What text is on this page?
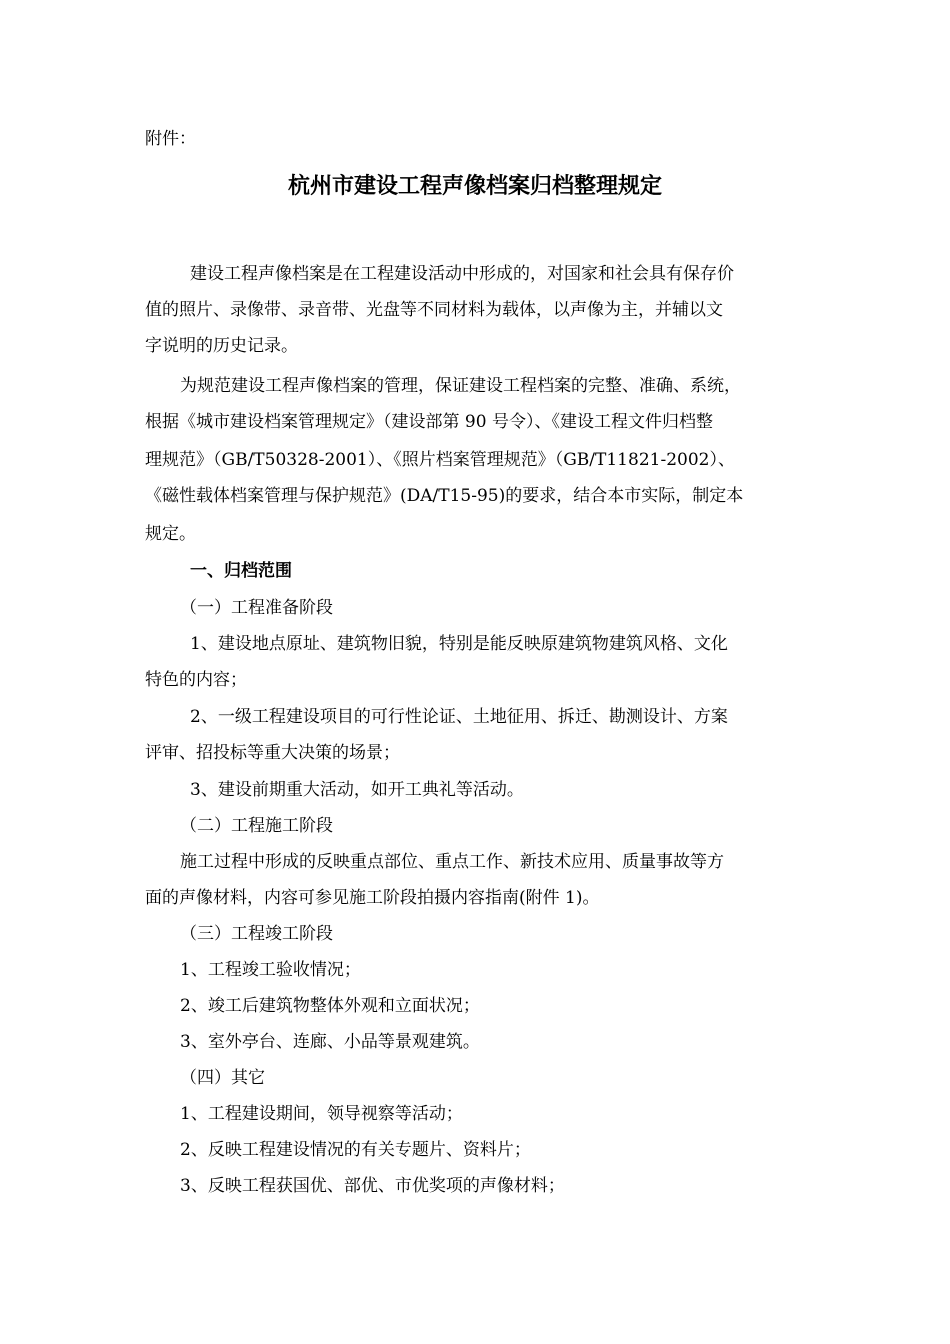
附件：
杭州市建设工程声像档案归档整理规定
建设工程声像档案是在工程建设活动中形成的，对国家和社会具有保存价
值的照片、录像带、录音带、光盘等不同材料为载体，以声像为主，并辅以文
字说明的历史记录。
为规范建设工程声像档案的管理，保证建设工程档案的完整、准确、系统，
根据《城市建设档案管理规定》（建设部第 90 号令）、《建设工程文件归档整
理规范》（GB/T50328-2001）、《照片档案管理规范》（GB/T11821-2002）、
《磁性载体档案管理与保护规范》(DA/T15-95)的要求，结合本市实际，制定本
规定。
一、归档范围
（一）工程准备阶段
1、建设地点原址、建筑物旧貌，特别是能反映原建筑物建筑风格、文化
特色的内容；
2、一级工程建设项目的可行性论证、土地征用、拆迁、勘测设计、方案
评审、招投标等重大决策的场景；
3、建设前期重大活动，如开工典礼等活动。
（二）工程施工阶段
施工过程中形成的反映重点部位、重点工作、新技术应用、质量事故等方
面的声像材料，内容可参见施工阶段拍摄内容指南(附件 1)。
（三）工程竣工阶段
1、工程竣工验收情况；
2、竣工后建筑物整体外观和立面状况；
3、室外亭台、连廊、小品等景观建筑。
（四）其它
1、工程建设期间，领导视察等活动；
2、反映工程建设情况的有关专题片、资料片；
3、反映工程获国优、部优、市优奖项的声像材料；
